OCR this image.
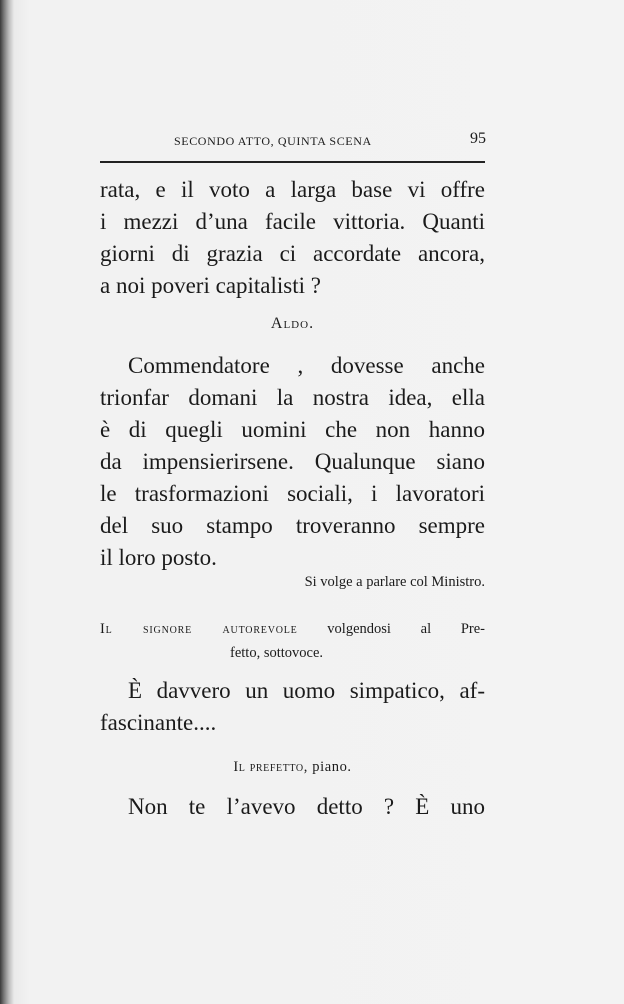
SECONDO ATTO, QUINTA SCENA	95
rata, e il voto a larga base vi offre
i mezzi d’una facile vittoria. Quanti
giorni di grazia ci accordate ancora,
a noi poveri capitalisti ?
Aldo.
Commendatore , dovesse anche
trionfar domani la nostra idea, ella
è di quegli uomini che non hanno
da impensierirsene. Qualunque siano
le trasformazioni sociali, i lavoratori
del suo stampo troveranno sempre
il loro posto.
Si volge a parlare col Ministro.
Il signore autorevole volgendosi al Pre-
fetto, sottovoce.
È davvero un uomo simpatico, af-
fascinante....
Il prefetto, piano.
Non te l’avevo detto ? È uno
